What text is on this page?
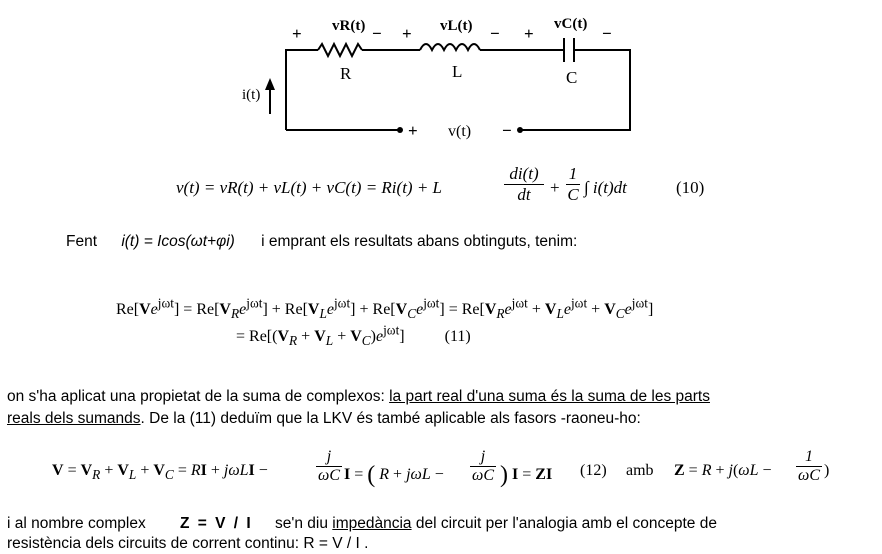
+ vR(t) − + vL(t) − + vC(t) −
R	L	C
i(t)
+ v(t) −
v(t) = vR(t) + vL(t) + vC(t) = Ri(t) + L	$\frac{di(t)}{dt} + \frac{1}{C}$ ∫ i(t)dt	(10)
Fent i(t) = Icos(ωt+φi) i emprant els resultats abans obtinguts, tenim:
$Re[Ve^{j\omega t}] = Re[V_Re^{j\omega t}] + Re[V_Le^{j\omega t}] + Re[V_Ce^{j\omega t}] = Re[V_Re^{j\omega t} + V_Le^{j\omega t} + V_Ce^{j\omega t}]$
= $Re[(V_R + V_L + V_C)e^{j\omega t}]$	(11)
on s'ha aplicat una propietat de la suma de complexos: la part real d'una suma és la suma de les parts
reals dels sumands. De la (11) deduïm que la LKV és també aplicable als fasors -raoneu-ho:
$V = V_R + V_L + V_C$ = RI + jωLI −	$\frac{j}{\omega C}$ I = ( $R + j\omega L - \frac{j}{\omega C}$ ) I = ZI (12) amb $Z = R + j(\omega L - \frac{1}{\omega C}$ )
i al nombre complex Z = V / I se'n diu impedància del circuit per l'analogia amb el concepte de
resistència dels circuits de corrent continu: R = V / I .
